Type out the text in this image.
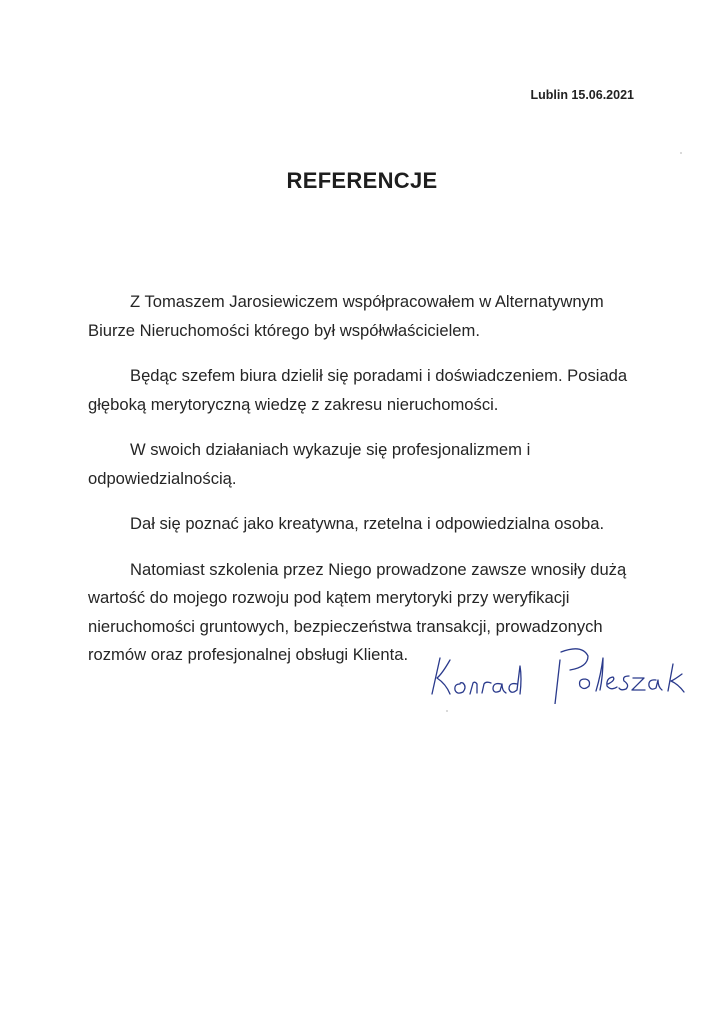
Lublin 15.06.2021
REFERENCJE

Z Tomaszem Jarosiewiczem współpracowałem w Alternatywnym Biurze Nieruchomości którego był współwłaścicielem.

Będąc szefem biura dzielił się poradami i doświadczeniem. Posiada głęboką merytoryczną wiedzę z zakresu nieruchomości.

W swoich działaniach wykazuje się profesjonalizmem i odpowiedzialnością.

Dał się poznać jako kreatywna, rzetelna i odpowiedzialna osoba.

Natomiast szkolenia przez Niego prowadzone zawsze wnosiły dużą wartość do mojego rozwoju pod kątem merytoryki przy weryfikacji nieruchomości gruntowych, bezpieczeństwa transakcji, prowadzonych rozmów oraz profesjonalnej obsługi Klienta.
